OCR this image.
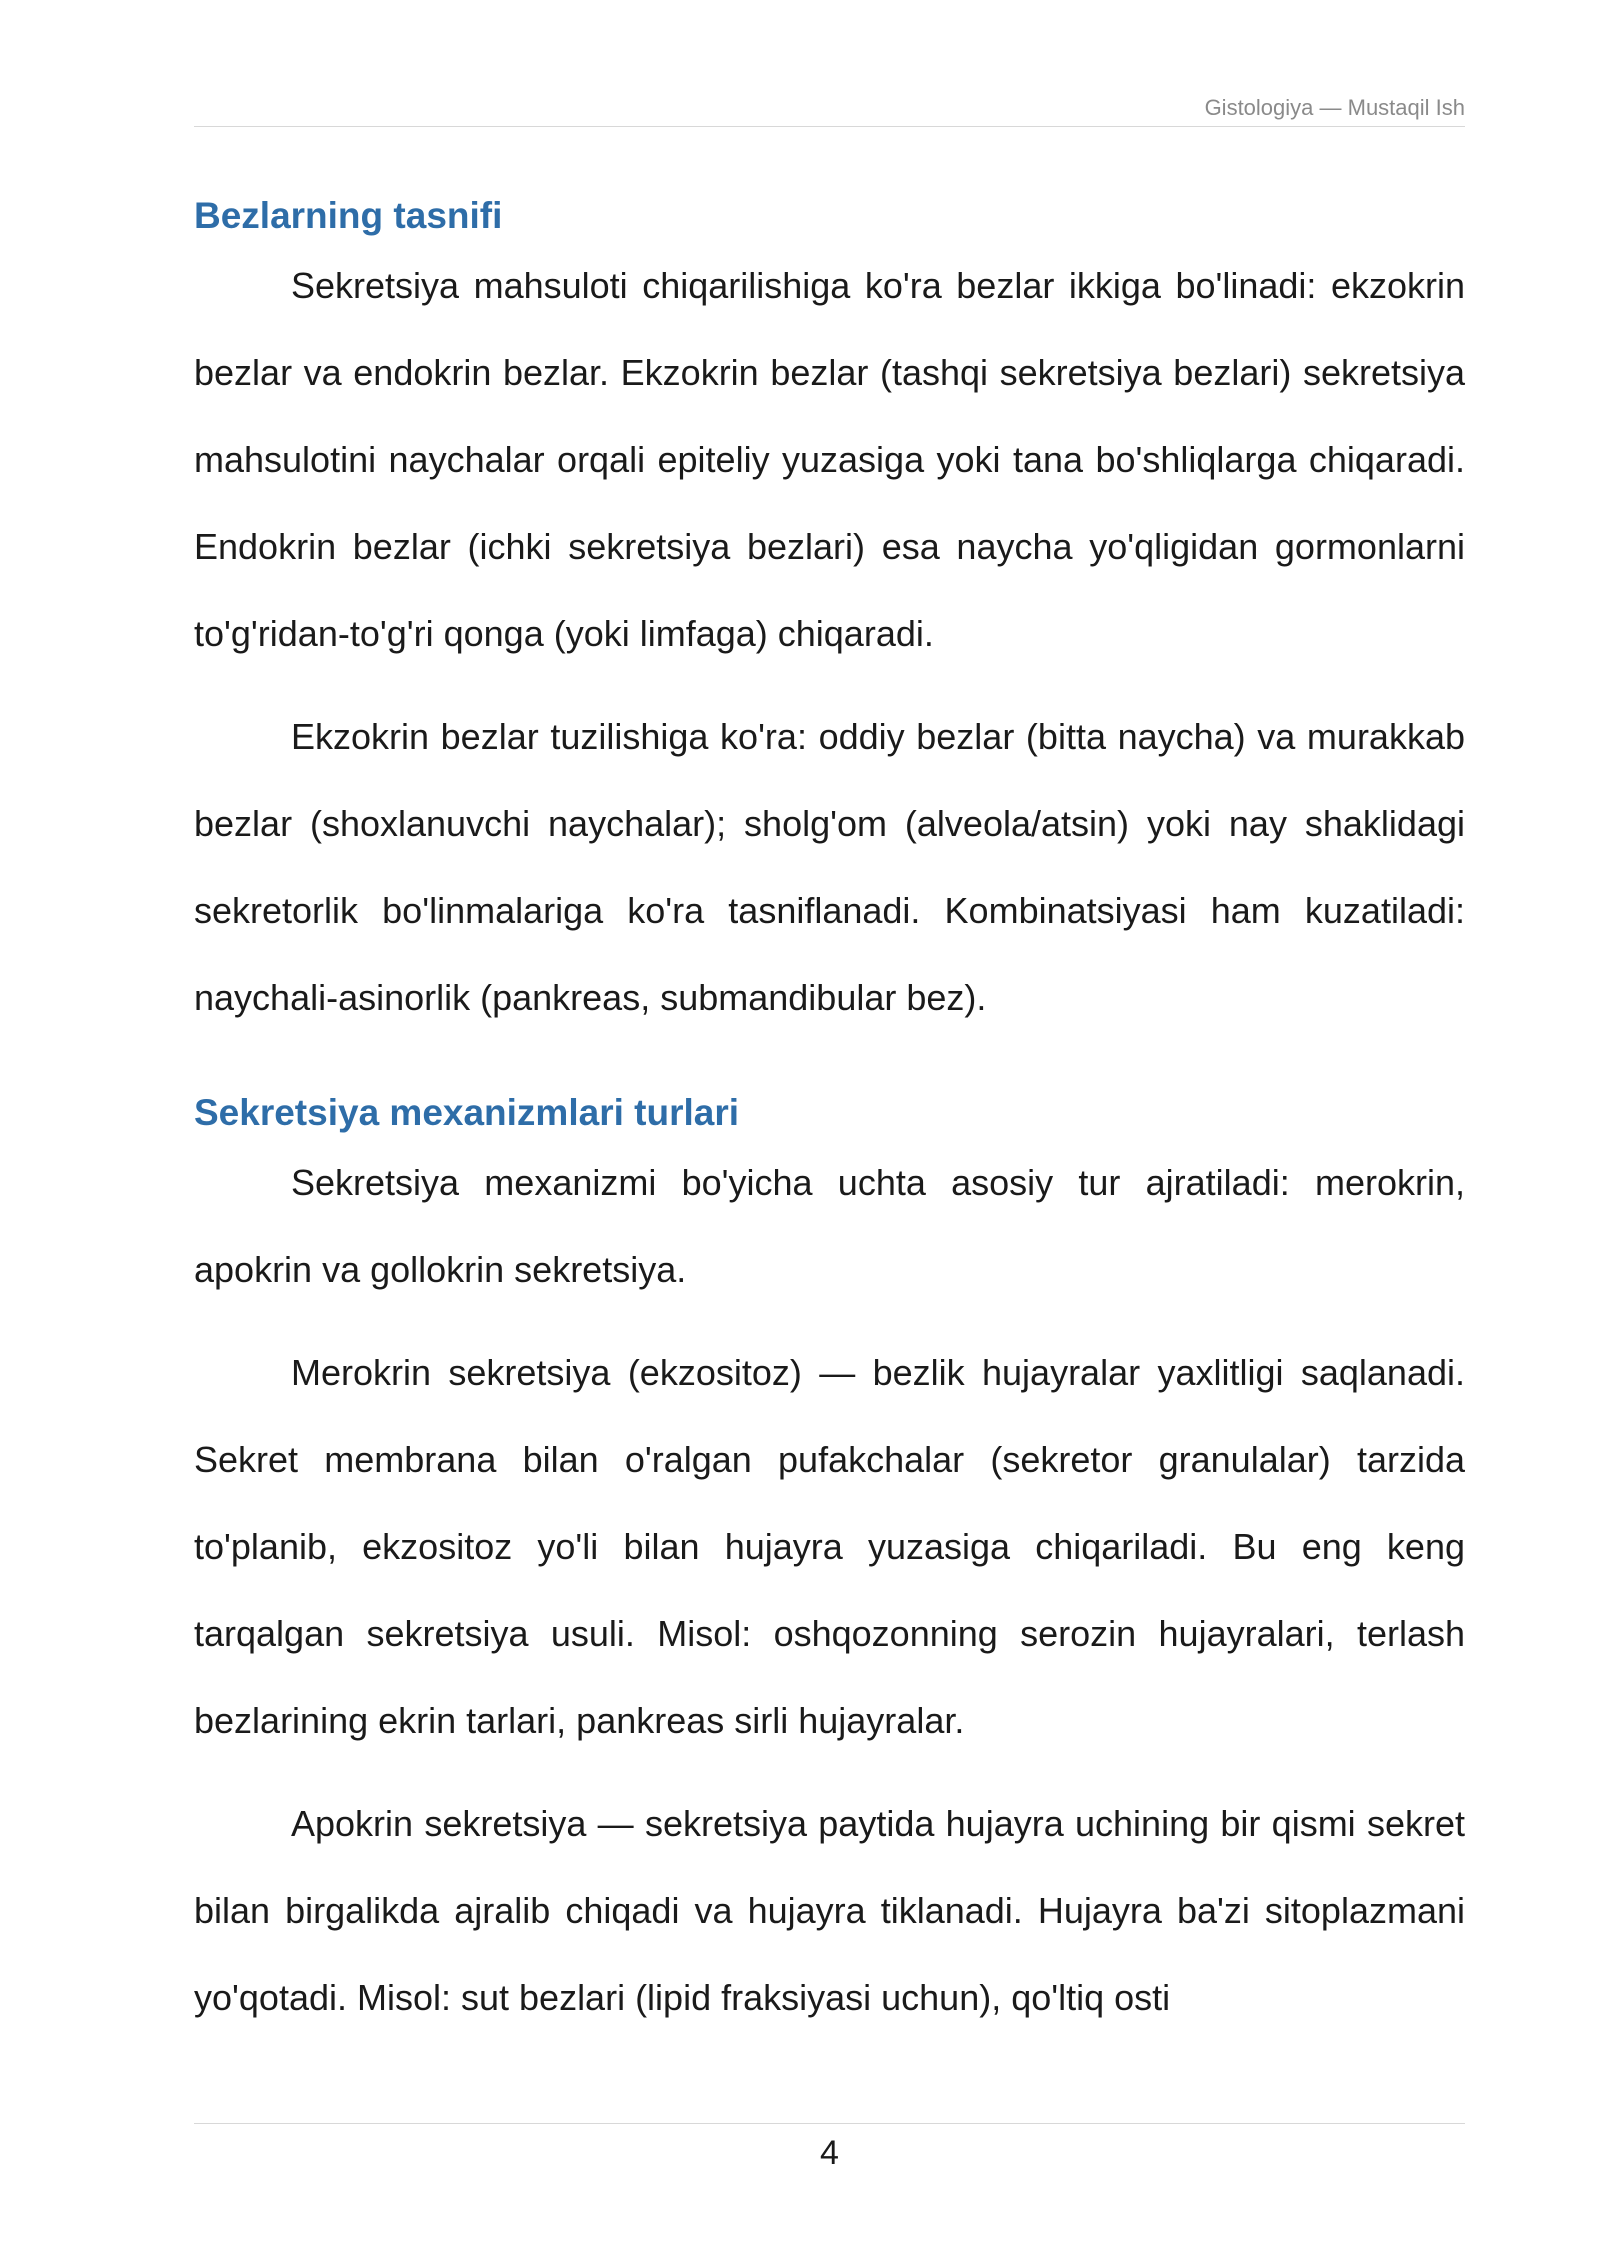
Gistologiya — Mustaqil Ish
Bezlarning tasnifi

Sekretsiya mahsuloti chiqarilishiga ko'ra bezlar ikkiga bo'linadi: ekzokrin bezlar va endokrin bezlar. Ekzokrin bezlar (tashqi sekretsiya bezlari) sekretsiya mahsulotini naychalar orqali epiteliy yuzasiga yoki tana bo'shliqlarga chiqaradi. Endokrin bezlar (ichki sekretsiya bezlari) esa naycha yo'qligidan gormonlarni to'g'ridan-to'g'ri qonga (yoki limfaga) chiqaradi.

Ekzokrin bezlar tuzilishiga ko'ra: oddiy bezlar (bitta naycha) va murakkab bezlar (shoxlanuvchi naychalar); sholg'om (alveola/atsin) yoki nay shaklidagi sekretorlik bo'linmalariga ko'ra tasniflanadi. Kombinatsiyasi ham kuzatiladi: naychali-asinorlik (pankreas, submandibular bez).

Sekretsiya mexanizmlari turlari

Sekretsiya mexanizmi bo'yicha uchta asosiy tur ajratiladi: merokrin, apokrin va gollokrin sekretsiya.

Merokrin sekretsiya (ekzositoz) — bezlik hujayralar yaxlitligi saqlanadi. Sekret membrana bilan o'ralgan pufakchalar (sekretor granulalar) tarzida to'planib, ekzositoz yo'li bilan hujayra yuzasiga chiqariladi. Bu eng keng tarqalgan sekretsiya usuli. Misol: oshqozonning serozin hujayralari, terlash bezlarining ekrin tarlari, pankreas sirli hujayralar.

Apokrin sekretsiya — sekretsiya paytida hujayra uchining bir qismi sekret bilan birgalikda ajralib chiqadi va hujayra tiklanadi. Hujayra ba'zi sitoplazmani yo'qotadi. Misol: sut bezlari (lipid fraksiyasi uchun), qo'ltiq osti

4
